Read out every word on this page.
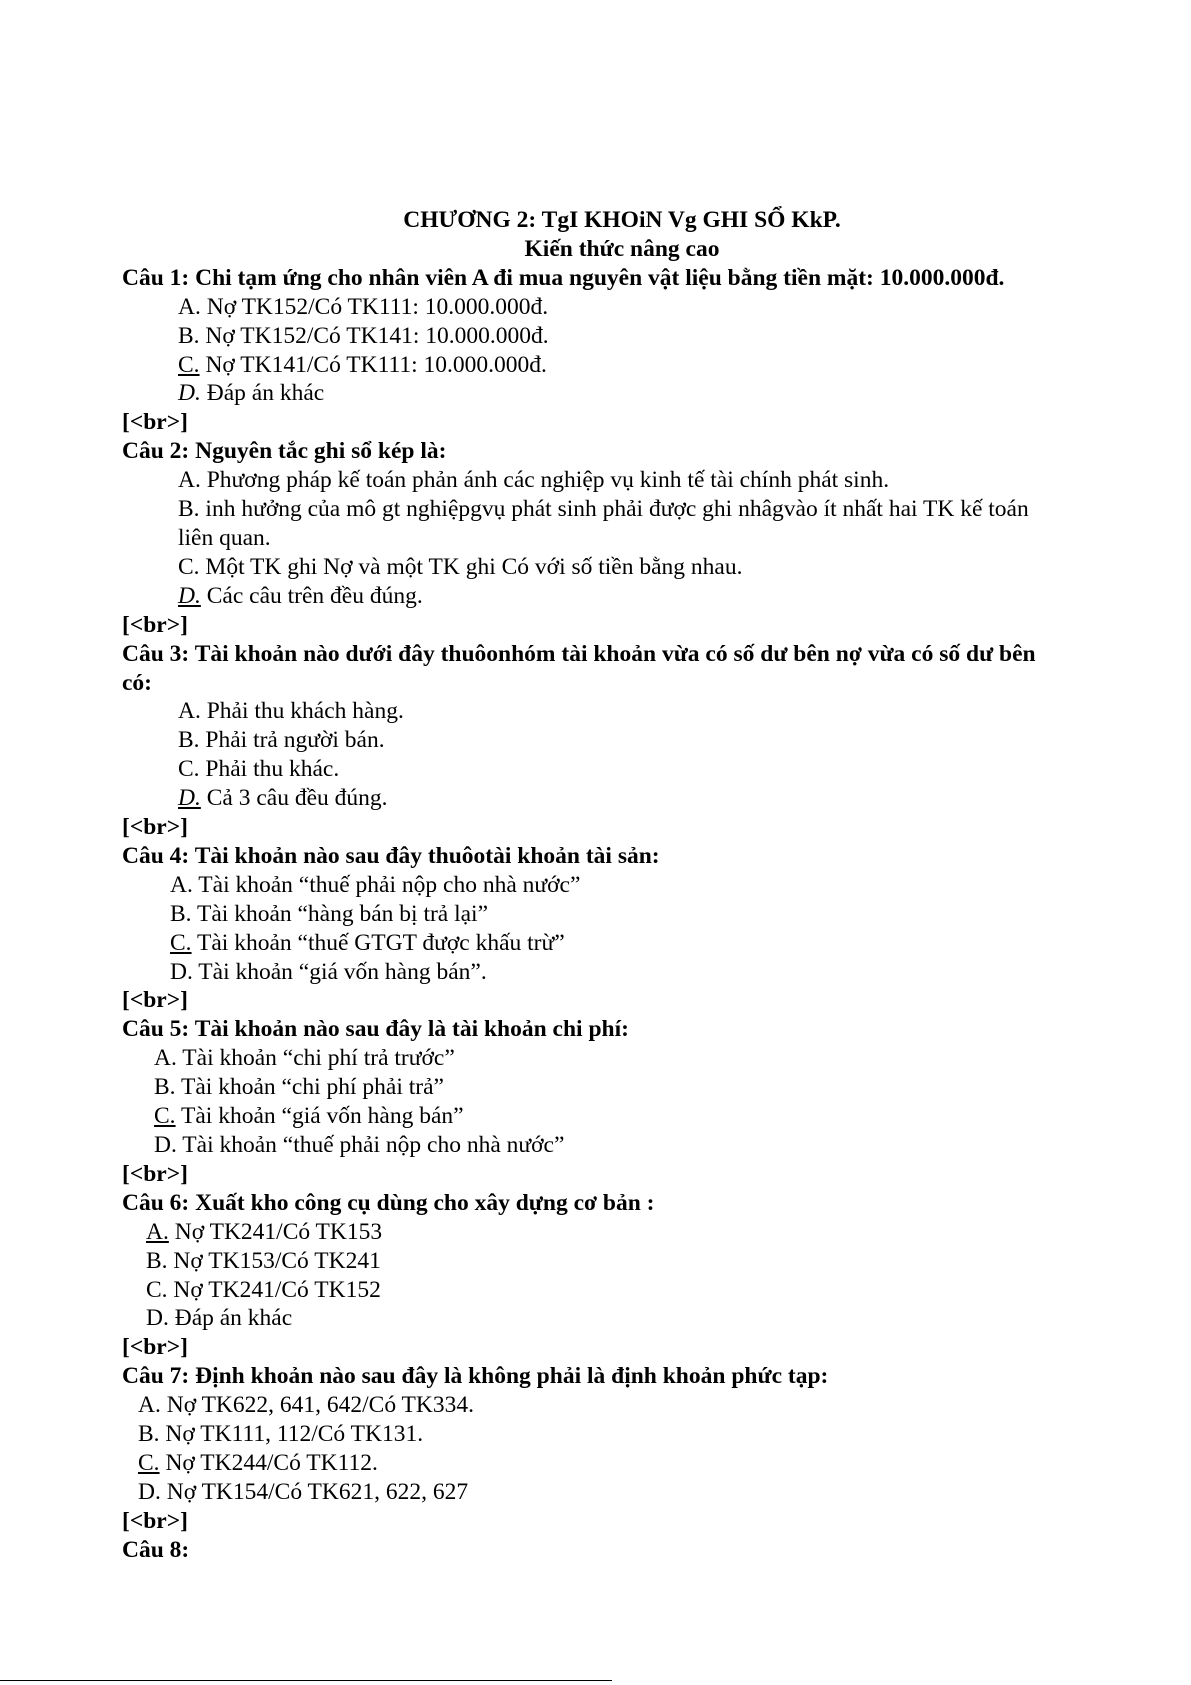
CHƯƠNG 2: TgI KHOiN Vg GHI SỔ KkP.
Kiến thức nâng cao
Câu 1: Chi tạm ứng cho nhân viên A đi mua nguyên vật liệu bằng tiền mặt: 10.000.000đ.
A. Nợ TK152/Có TK111: 10.000.000đ.
B. Nợ TK152/Có TK141: 10.000.000đ.
C. Nợ TK141/Có TK111: 10.000.000đ.
D. Đáp án khác
[<br>]
Câu 2: Nguyên tắc ghi sổ kép là:
A. Phương pháp kế toán phản ánh các nghiệp vụ kinh tế tài chính phát sinh.
B. inh hưởng của mô gt nghiệpgvụ phát sinh phải được ghi nhâgvào ít nhất hai TK kế toán
liên quan.
C. Một TK ghi Nợ và một TK ghi Có với số tiền bằng nhau.
D. Các câu trên đều đúng.
[<br>]
Câu 3: Tài khoản nào dưới đây thuôonhóm tài khoản vừa có số dư bên nợ vừa có số dư bên
có:
A. Phải thu khách hàng.
B. Phải trả người bán.
C. Phải thu khác.
D. Cả 3 câu đều đúng.
[<br>]
Câu 4: Tài khoản nào sau đây thuôotài khoản tài sản:
A. Tài khoản “thuế phải nộp cho nhà nước”
B. Tài khoản “hàng bán bị trả lại”
C. Tài khoản “thuế GTGT được khấu trừ”
D. Tài khoản “giá vốn hàng bán”.
[<br>]
Câu 5: Tài khoản nào sau đây là tài khoản chi phí:
A. Tài khoản “chi phí trả trước”
B. Tài khoản “chi phí phải trả”
C. Tài khoản “giá vốn hàng bán”
D. Tài khoản “thuế phải nộp cho nhà nước”
[<br>]
Câu 6: Xuất kho công cụ dùng cho xây dựng cơ bản :
A. Nợ TK241/Có TK153
B. Nợ TK153/Có TK241
C. Nợ TK241/Có TK152
D. Đáp án khác
[<br>]
Câu 7: Định khoản nào sau đây là không phải là định khoản phức tạp:
A. Nợ TK622, 641, 642/Có TK334.
B. Nợ TK111, 112/Có TK131.
C. Nợ TK244/Có TK112.
D. Nợ TK154/Có TK621, 622, 627
[<br>]
Câu 8:
